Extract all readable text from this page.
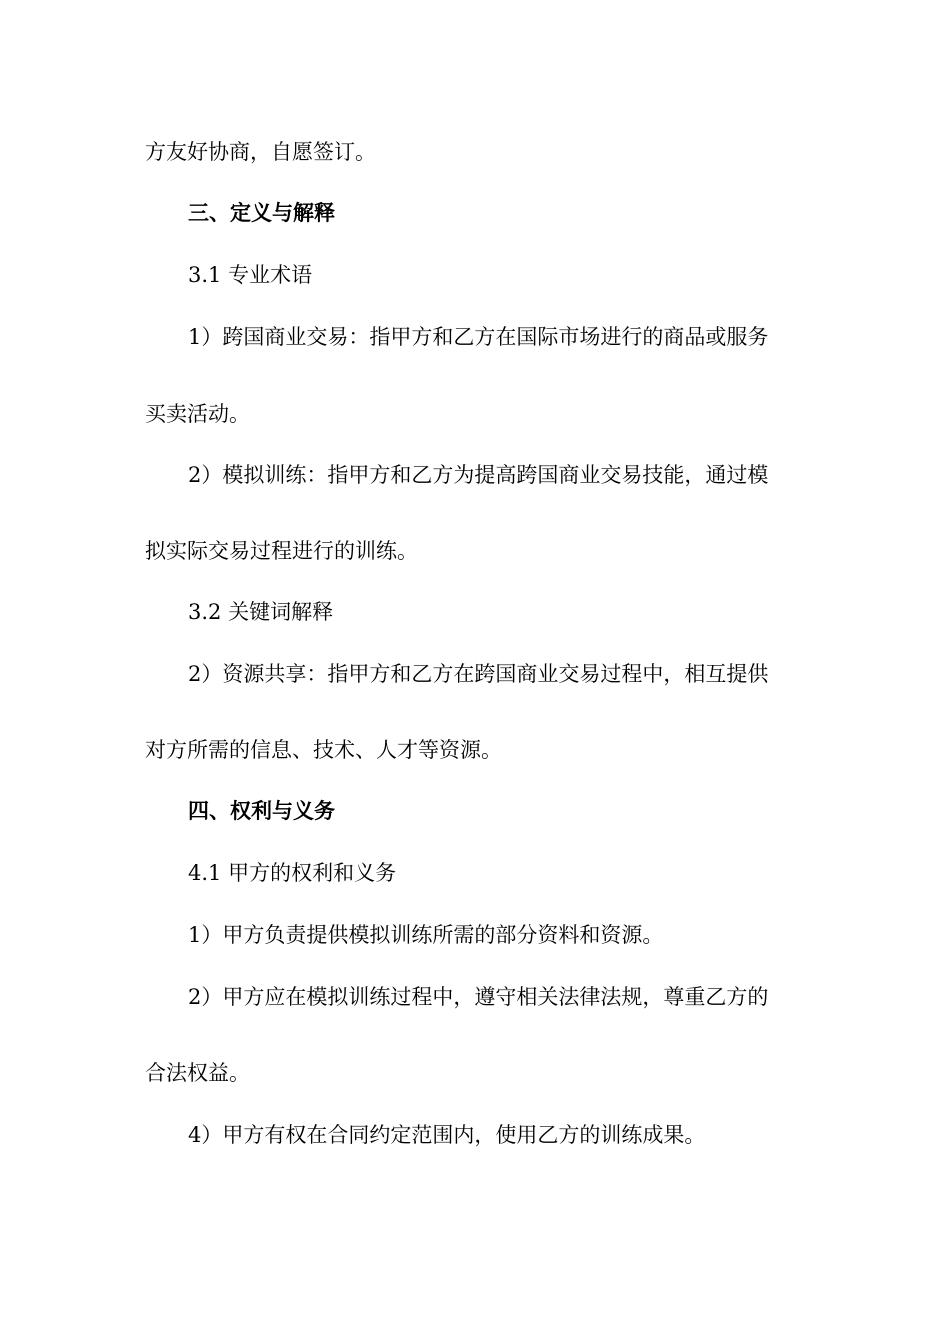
方友好协商，自愿签订。
三、定义与解释
3.1 专业术语
1）跨国商业交易：指甲方和乙方在国际市场进行的商品或服务
买卖活动。
2）模拟训练：指甲方和乙方为提高跨国商业交易技能，通过模
拟实际交易过程进行的训练。
3.2 关键词解释
2）资源共享：指甲方和乙方在跨国商业交易过程中，相互提供
对方所需的信息、技术、人才等资源。
四、权利与义务
4.1 甲方的权利和义务
1）甲方负责提供模拟训练所需的部分资料和资源。
2）甲方应在模拟训练过程中，遵守相关法律法规，尊重乙方的
合法权益。
4）甲方有权在合同约定范围内，使用乙方的训练成果。
